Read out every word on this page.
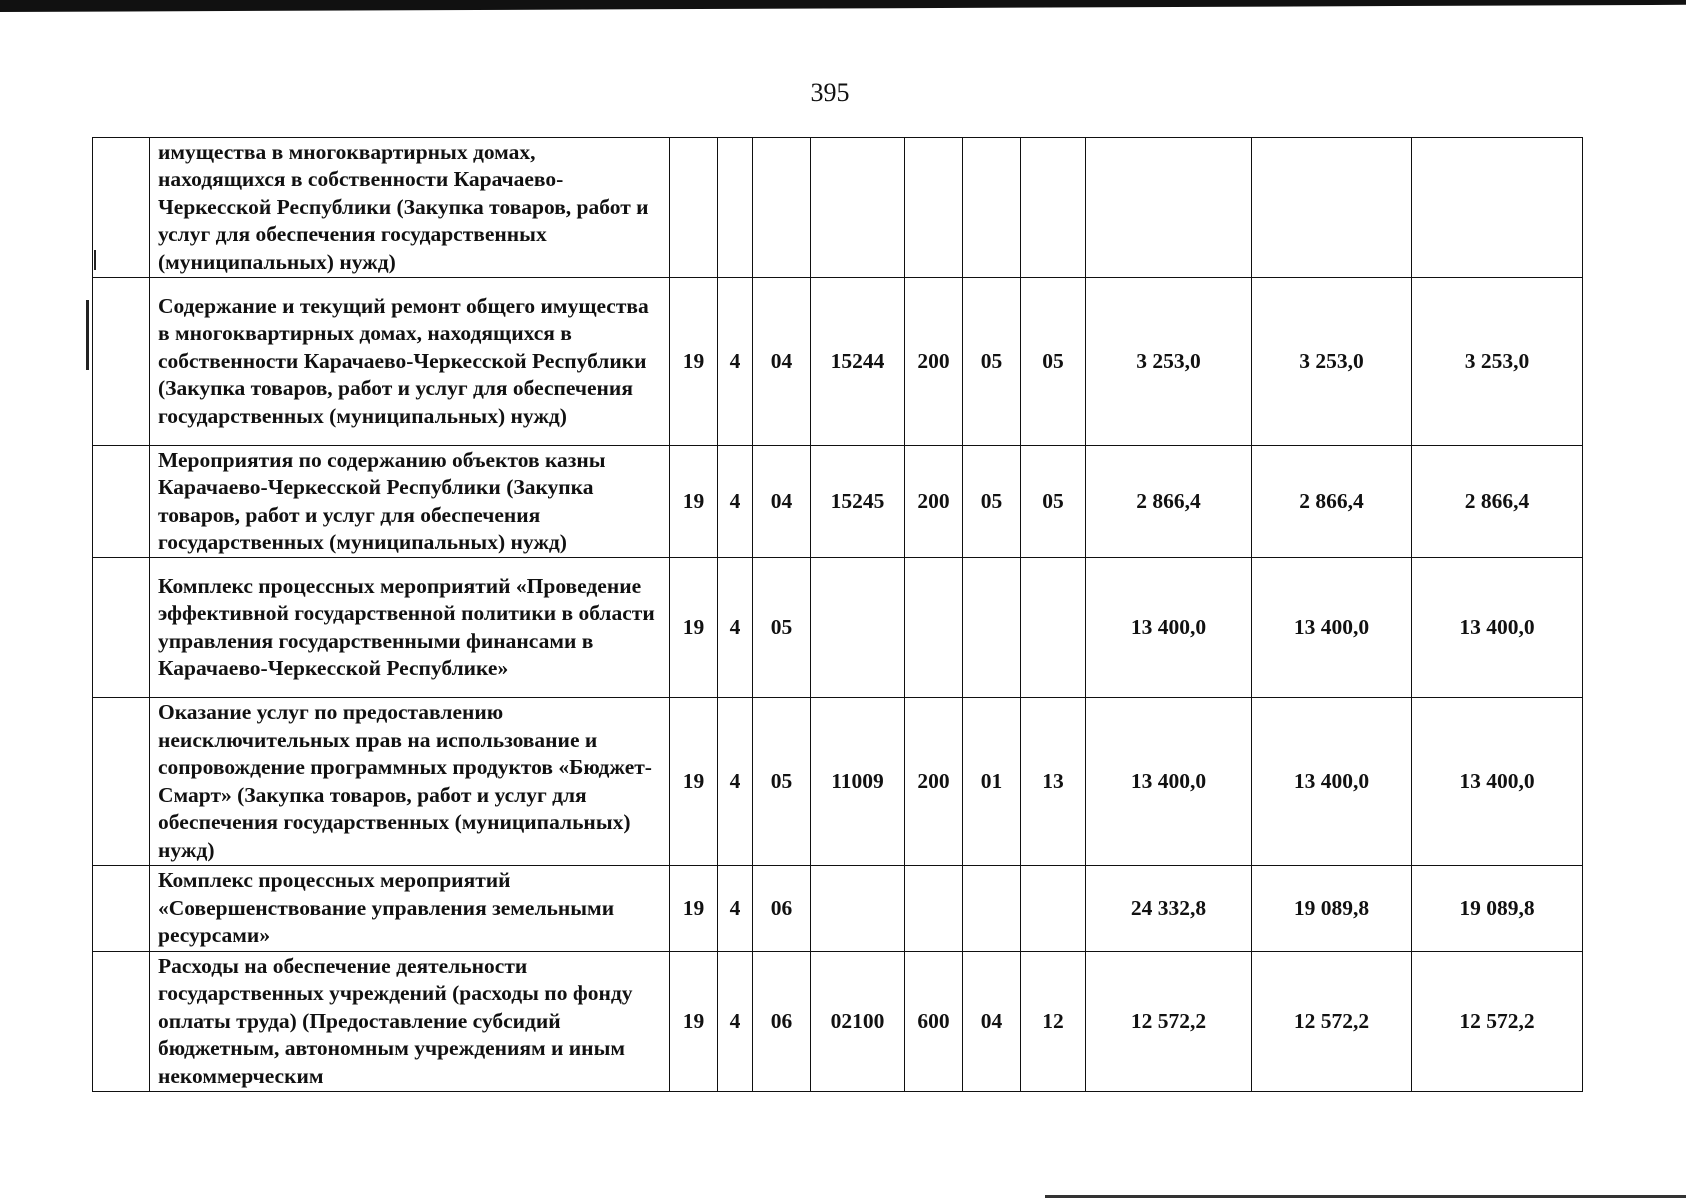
395
	имущества в многоквартирных домах, находящихся в собственности Карачаево-Черкесской Республики (Закупка товаров, работ и услуг для обеспечения государственных (муниципальных) нужд)										
	Содержание и текущий ремонт общего имущества в многоквартирных домах, находящихся в собственности Карачаево-Черкесской Республики (Закупка товаров, работ и услуг для обеспечения государственных (муниципальных) нужд)	19	4	04	15244	200	05	05	3 253,0	3 253,0	3 253,0
	Мероприятия по содержанию объектов казны Карачаево-Черкесской Республики (Закупка товаров, работ и услуг для обеспечения государственных (муниципальных) нужд)	19	4	04	15245	200	05	05	2 866,4	2 866,4	2 866,4
	Комплекс процессных мероприятий «Проведение эффективной государственной политики в области управления государственными финансами в Карачаево-Черкесской Республике»	19	4	05					13 400,0	13 400,0	13 400,0
	Оказание услуг по предоставлению неисключительных прав на использование и сопровождение программных продуктов «Бюджет-Смарт» (Закупка товаров, работ и услуг для обеспечения государственных (муниципальных) нужд)	19	4	05	11009	200	01	13	13 400,0	13 400,0	13 400,0
	Комплекс процессных мероприятий «Совершенствование управления земельными ресурсами»	19	4	06					24 332,8	19 089,8	19 089,8
	Расходы на обеспечение деятельности государственных учреждений (расходы по фонду оплаты труда) (Предоставление субсидий бюджетным, автономным учреждениям и иным некоммерческим	19	4	06	02100	600	04	12	12 572,2	12 572,2	12 572,2
